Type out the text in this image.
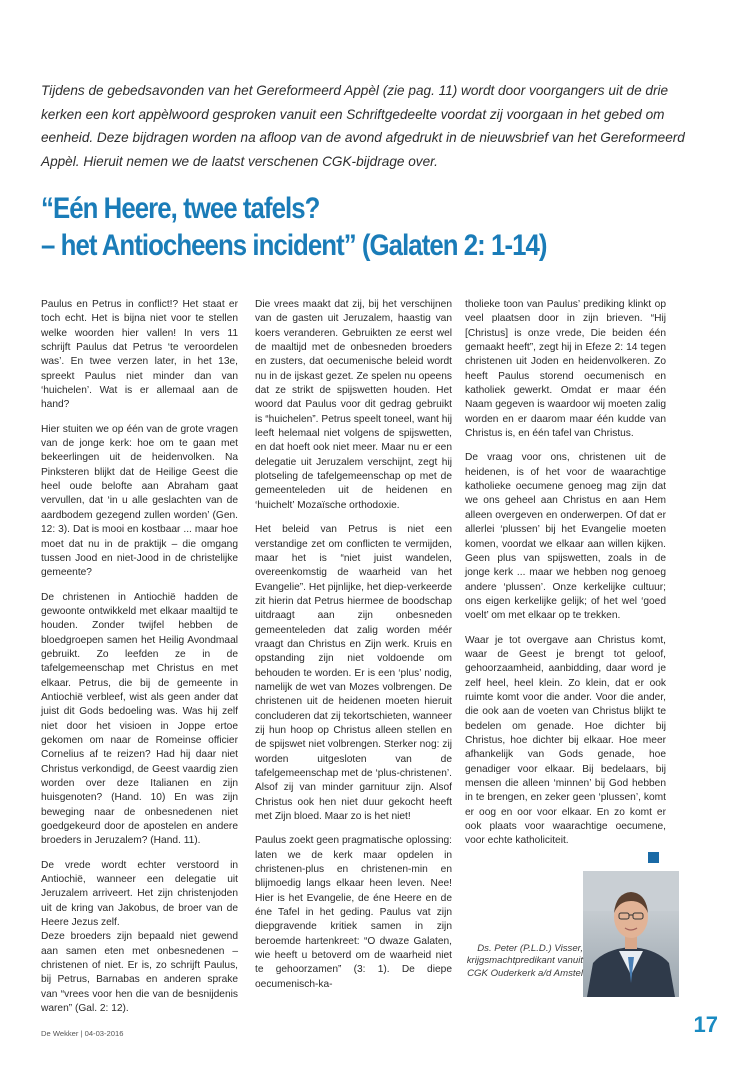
Tijdens de gebedsavonden van het Gereformeerd Appèl (zie pag. 11) wordt door voorgangers uit de drie kerken een kort appèlwoord gesproken vanuit een Schriftgedeelte voordat zij voorgaan in het gebed om eenheid. Deze bijdragen worden na afloop van de avond afgedrukt in de nieuwsbrief van het Gereformeerd Appèl. Hieruit nemen we de laatst verschenen CGK-bijdrage over.

“Eén Heere, twee tafels?
– het Antiocheens incident” (Galaten 2: 1-14)

Paulus en Petrus in conflict!? Het staat er toch echt. Het is bijna niet voor te stellen welke woorden hier vallen! In vers 11 schrijft Paulus dat Petrus ‘te veroordelen was’. En twee verzen later, in het 13e, spreekt Paulus niet minder dan van ‘huichelen’. Wat is er allemaal aan de hand?

Hier stuiten we op één van de grote vragen van de jonge kerk: hoe om te gaan met bekeerlingen uit de heidenvolken. Na Pinksteren blijkt dat de Heilige Geest die heel oude belofte aan Abraham gaat vervullen, dat ‘in u alle geslachten van de aardbodem gezegend zullen worden’ (Gen. 12: 3). Dat is mooi en kostbaar ... maar hoe moet dat nu in de praktijk – die omgang tussen Jood en niet-Jood in de christelijke gemeente?

De christenen in Antiochië hadden de gewoonte ontwikkeld met elkaar maaltijd te houden. Zonder twijfel hebben de bloedgroepen samen het Heilig Avondmaal gebruikt. Zo leefden ze in de tafelgemeenschap met Christus en met elkaar. Petrus, die bij de gemeente in Antiochië verbleef, wist als geen ander dat juist dit Gods bedoeling was. Was hij zelf niet door het visioen in Joppe ertoe gekomen om naar de Romeinse officier Cornelius af te reizen? Had hij daar niet Christus verkondigd, de Geest vaardig zien worden over deze Italianen en zijn huisgenoten? (Hand. 10) En was zijn beweging naar de onbesnedenen niet goedgekeurd door de apostelen en andere broeders in Jeruzalem? (Hand. 11).

De vrede wordt echter verstoord in Antiochië, wanneer een delegatie uit Jeruzalem arriveert. Het zijn christenjoden uit de kring van Jakobus, de broer van de Heere Jezus zelf.

Deze broeders zijn bepaald niet gewend aan samen eten met onbesnedenen – christenen of niet. Er is, zo schrijft Paulus, bij Petrus, Barnabas en anderen sprake van “vrees voor hen die van de besnijdenis waren” (Gal. 2: 12).

Die vrees maakt dat zij, bij het verschijnen van de gasten uit Jeruzalem, haastig van koers veranderen. Gebruikten ze eerst wel de maaltijd met de onbesneden broeders en zusters, dat oecumenische beleid wordt nu in de ijskast gezet. Ze spelen nu opeens dat ze strikt de spijswetten houden. Het woord dat Paulus voor dit gedrag gebruikt is “huichelen”. Petrus speelt toneel, want hij leeft helemaal niet volgens de spijswetten, en dat hoeft ook niet meer. Maar nu er een delegatie uit Jeruzalem verschijnt, zegt hij plotseling de tafelgemeenschap op met de gemeenteleden uit de heidenen en ‘huichelt’ Mozaïsche orthodoxie.

Het beleid van Petrus is niet een verstandige zet om conflicten te vermijden, maar het is “niet juist wandelen, overeenkomstig de waarheid van het Evangelie”. Het pijnlijke, het diep-verkeerde zit hierin dat Petrus hiermee de boodschap uitdraagt aan zijn onbesneden gemeenteleden dat zalig worden méér vraagt dan Christus en Zijn werk. Kruis en opstanding zijn niet voldoende om behouden te worden. Er is een ‘plus’ nodig, namelijk de wet van Mozes volbrengen. De christenen uit de heidenen moeten hieruit concluderen dat zij tekortschieten, wanneer zij hun hoop op Christus alleen stellen en de spijswet niet volbrengen. Sterker nog: zij worden uitgesloten van de tafelgemeenschap met de ‘plus-christenen’. Alsof zij van minder garnituur zijn. Alsof Christus ook hen niet duur gekocht heeft met Zijn bloed. Maar zo is het niet!

Paulus zoekt geen pragmatische oplossing: laten we de kerk maar opdelen in christenen-plus en christenen-min en blijmoedig langs elkaar heen leven. Nee! Hier is het Evangelie, de éne Heere en de éne Tafel in het geding. Paulus vat zijn diepgravende kritiek samen in zijn beroemde hartenkreet: “O dwaze Galaten, wie heeft u betoverd om de waarheid niet te gehoorzamen” (3: 1). De diepe oecumenisch-ka-

tholieke toon van Paulus’ prediking klinkt op veel plaatsen door in zijn brieven. “Hij [Christus] is onze vrede, Die beiden één gemaakt heeft”, zegt hij in Efeze 2: 14 tegen christenen uit Joden en heidenvolkeren. Zo heeft Paulus storend oecumenisch en katholiek gewerkt. Omdat er maar één Naam gegeven is waardoor wij moeten zalig worden en er daarom maar één kudde van Christus is, en één tafel van Christus.

De vraag voor ons, christenen uit de heidenen, is of het voor de waarachtige katholieke oecumene genoeg mag zijn dat we ons geheel aan Christus en aan Hem alleen overgeven en onderwerpen. Of dat er allerlei ‘plussen’ bij het Evangelie moeten komen, voordat we elkaar aan willen kijken. Geen plus van spijswetten, zoals in de jonge kerk ... maar we hebben nog genoeg andere ‘plussen’. Onze kerkelijke cultuur; ons eigen kerkelijke gelijk; of het wel ‘goed voelt’ om met elkaar op te trekken.

Waar je tot overgave aan Christus komt, waar de Geest je brengt tot geloof, gehoorzaamheid, aanbidding, daar word je zelf heel, heel klein. Zo klein, dat er ook ruimte komt voor die ander. Voor die ander, die ook aan de voeten van Christus blijkt te bedelen om genade. Hoe dichter bij Christus, hoe dichter bij elkaar. Hoe meer afhankelijk van Gods genade, hoe genadiger voor elkaar. Bij bedelaars, bij mensen die alleen ‘minnen’ bij God hebben in te brengen, en zeker geen ‘plussen’, komt er oog en oor voor elkaar. En zo komt er ook plaats voor waarachtige oecumene, voor echte katholiciteit.

Ds. Peter (P.L.D.) Visser,
krijgsmachtpredikant vanuit
CGK Ouderkerk a/d Amstel
De Wekker | 04-03-2016	17
